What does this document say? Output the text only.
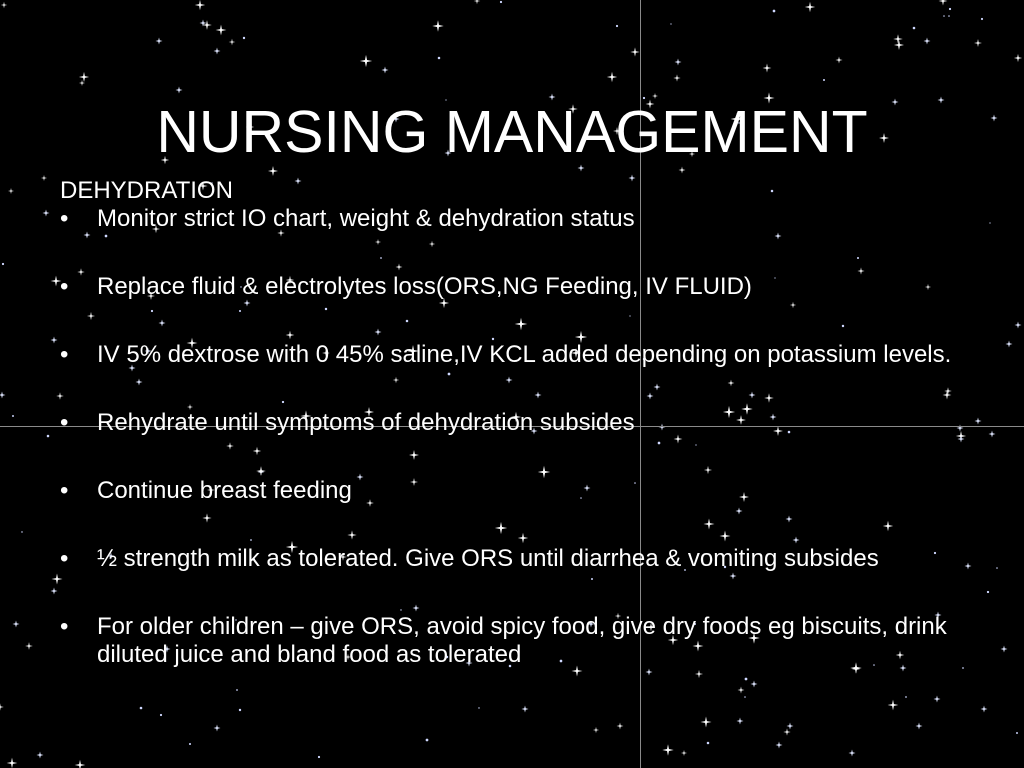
NURSING MANAGEMENT

DEHYDRATION

• Monitor strict IO chart, weight & dehydration status
• Replace fluid & electrolytes loss(ORS,NG Feeding, IV FLUID)
• IV 5% dextrose with 0 45% saline,IV KCL added depending on potassium levels.
• Rehydrate until symptoms of dehydration subsides
• Continue breast feeding
• ½ strength milk as tolerated. Give ORS until diarrhea & vomiting subsides
• For older children – give ORS, avoid spicy food, give dry foods eg biscuits, drink diluted juice and bland food as tolerated
